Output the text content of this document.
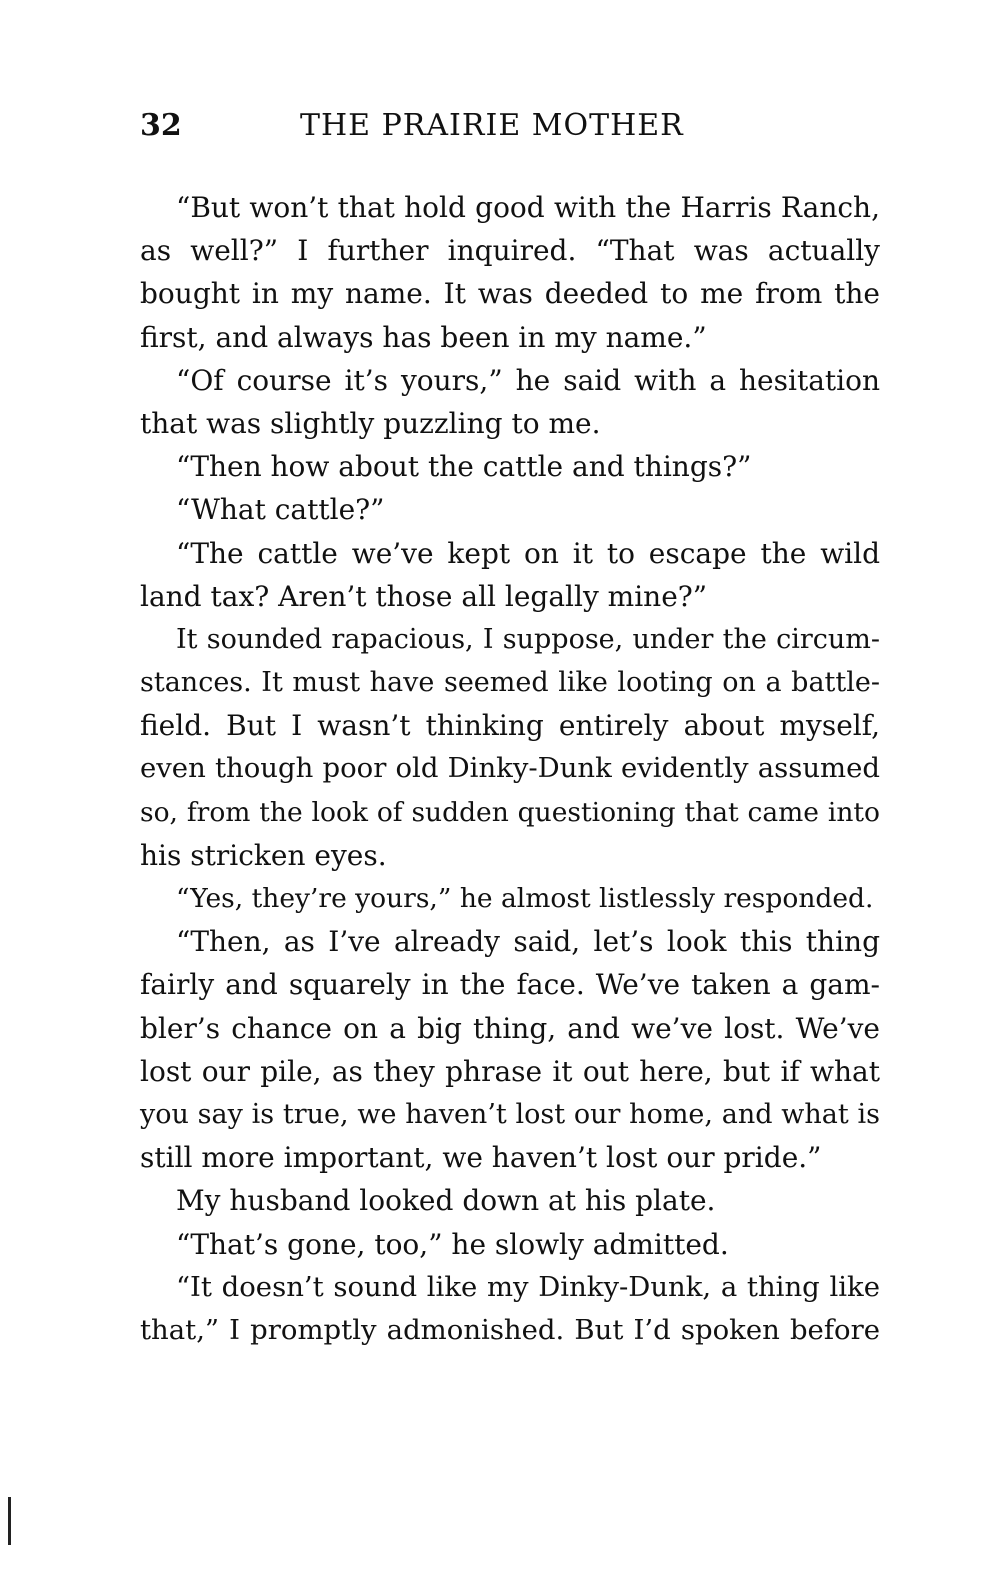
32	THE PRAIRIE MOTHER
“But won’t that hold good with the Harris Ranch,
as well?” I further inquired. “That was actually
bought in my name. It was deeded to me from the
first, and always has been in my name.”
“Of course it’s yours,” he said with a hesitation
that was slightly puzzling to me.
“Then how about the cattle and things?”
“What cattle?”
“The cattle we’ve kept on it to escape the wild
land tax? Aren’t those all legally mine?”
It sounded rapacious, I suppose, under the circum-
stances. It must have seemed like looting on a battle-
field. But I wasn’t thinking entirely about myself,
even though poor old Dinky-Dunk evidently assumed
so, from the look of sudden questioning that came into
his stricken eyes.
“Yes, they’re yours,” he almost listlessly responded.
“Then, as I’ve already said, let’s look this thing
fairly and squarely in the face. We’ve taken a gam-
bler’s chance on a big thing, and we’ve lost. We’ve
lost our pile, as they phrase it out here, but if what
you say is true, we haven’t lost our home, and what is
still more important, we haven’t lost our pride.”
My husband looked down at his plate.
“That’s gone, too,” he slowly admitted.
“It doesn’t sound like my Dinky-Dunk, a thing like
that,” I promptly admonished. But I’d spoken before
